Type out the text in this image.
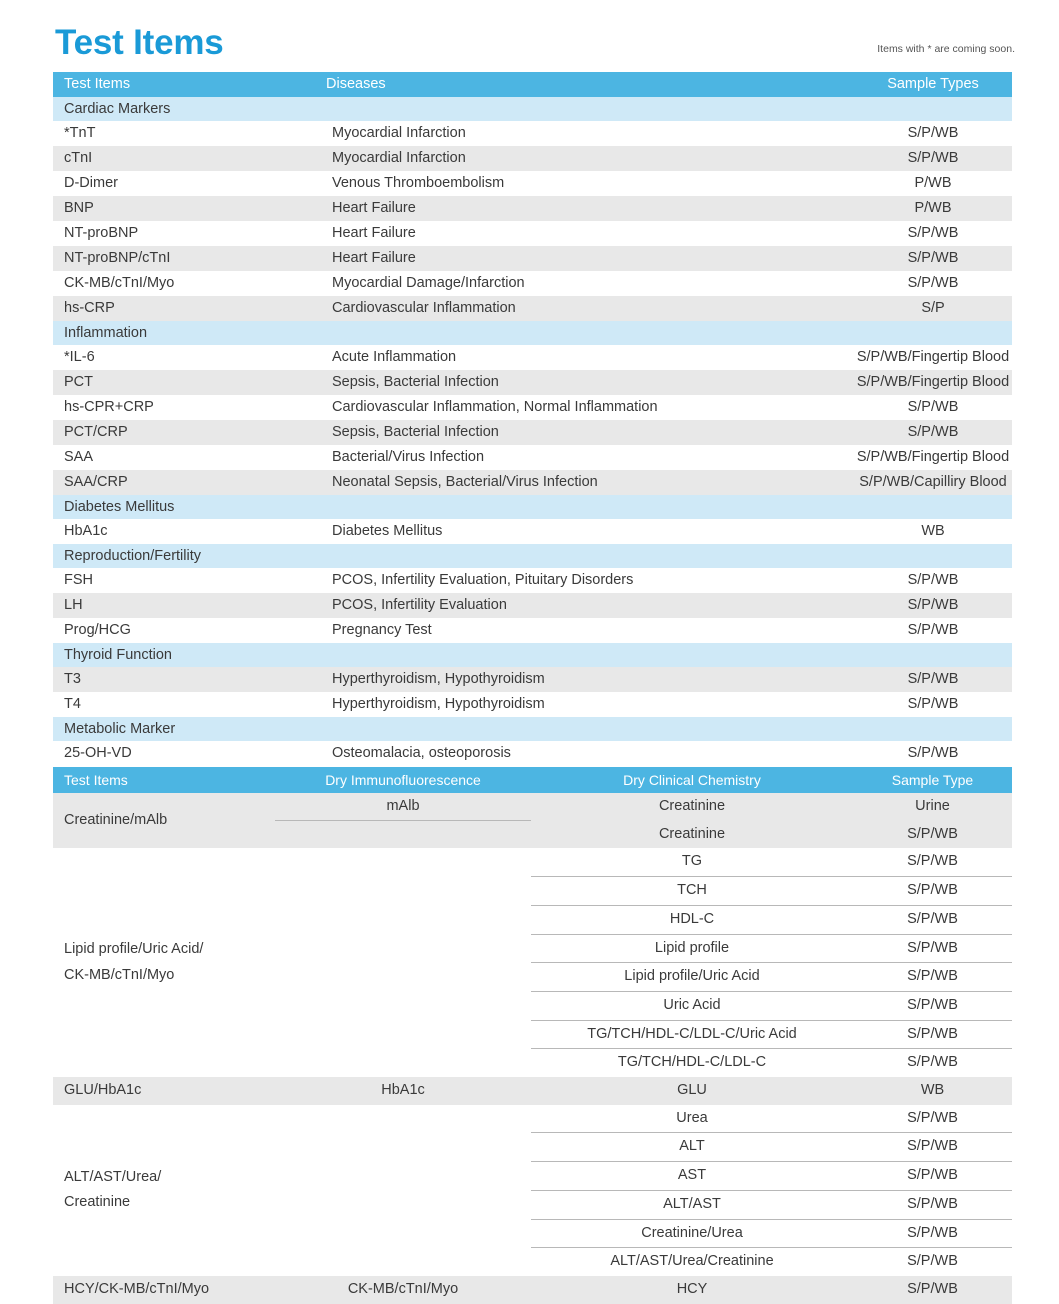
Test Items	Items with * are coming soon.
Test Items	Diseases	Sample Types
Cardiac Markers		
*TnT	Myocardial Infarction	S/P/WB
cTnI	Myocardial Infarction	S/P/WB
D-Dimer	Venous Thromboembolism	P/WB
BNP	Heart Failure	P/WB
NT-proBNP	Heart Failure	S/P/WB
NT-proBNP/cTnI	Heart Failure	S/P/WB
CK-MB/cTnI/Myo	Myocardial Damage/Infarction	S/P/WB
hs-CRP	Cardiovascular Inflammation	S/P
Inflammation		
*IL-6	Acute Inflammation	S/P/WB/Fingertip Blood
PCT	Sepsis, Bacterial Infection	S/P/WB/Fingertip Blood
hs-CPR+CRP	Cardiovascular Inflammation, Normal Inflammation	S/P/WB
PCT/CRP	Sepsis, Bacterial Infection	S/P/WB
SAA	Bacterial/Virus Infection	S/P/WB/Fingertip Blood
SAA/CRP	Neonatal Sepsis, Bacterial/Virus Infection	S/P/WB/Capilliry Blood
Diabetes Mellitus		
HbA1c	Diabetes Mellitus	WB
Reproduction/Fertility		
FSH	PCOS, Infertility Evaluation, Pituitary Disorders	S/P/WB
LH	PCOS, Infertility Evaluation	S/P/WB
Prog/HCG	Pregnancy Test	S/P/WB
Thyroid Function		
T3	Hyperthyroidism, Hypothyroidism	S/P/WB
T4	Hyperthyroidism, Hypothyroidism	S/P/WB
Metabolic Marker		
25-OH-VD	Osteomalacia, osteoporosis	S/P/WB
Test Items	Dry Immunofluorescence	Dry Clinical Chemistry	Sample Type

Creatinine/mAlb	mAlb	Creatinine	Urine
		Creatinine	S/P/WB

Lipid profile/Uric Acid/
CK-MB/cTnI/Myo		TG	S/P/WB
		TCH	S/P/WB
		HDL-C	S/P/WB
		Lipid profile	S/P/WB
		Lipid profile/Uric Acid	S/P/WB
		Uric Acid	S/P/WB
		TG/TCH/HDL-C/LDL-C/Uric Acid	S/P/WB
		TG/TCH/HDL-C/LDL-C	S/P/WB
GLU/HbA1c	HbA1c	GLU	WB

ALT/AST/Urea/
Creatinine		Urea	S/P/WB
		ALT	S/P/WB
		AST	S/P/WB
		ALT/AST	S/P/WB
		Creatinine/Urea	S/P/WB
		ALT/AST/Urea/Creatinine	S/P/WB
HCY/CK-MB/cTnI/Myo	CK-MB/cTnI/Myo	HCY	S/P/WB
